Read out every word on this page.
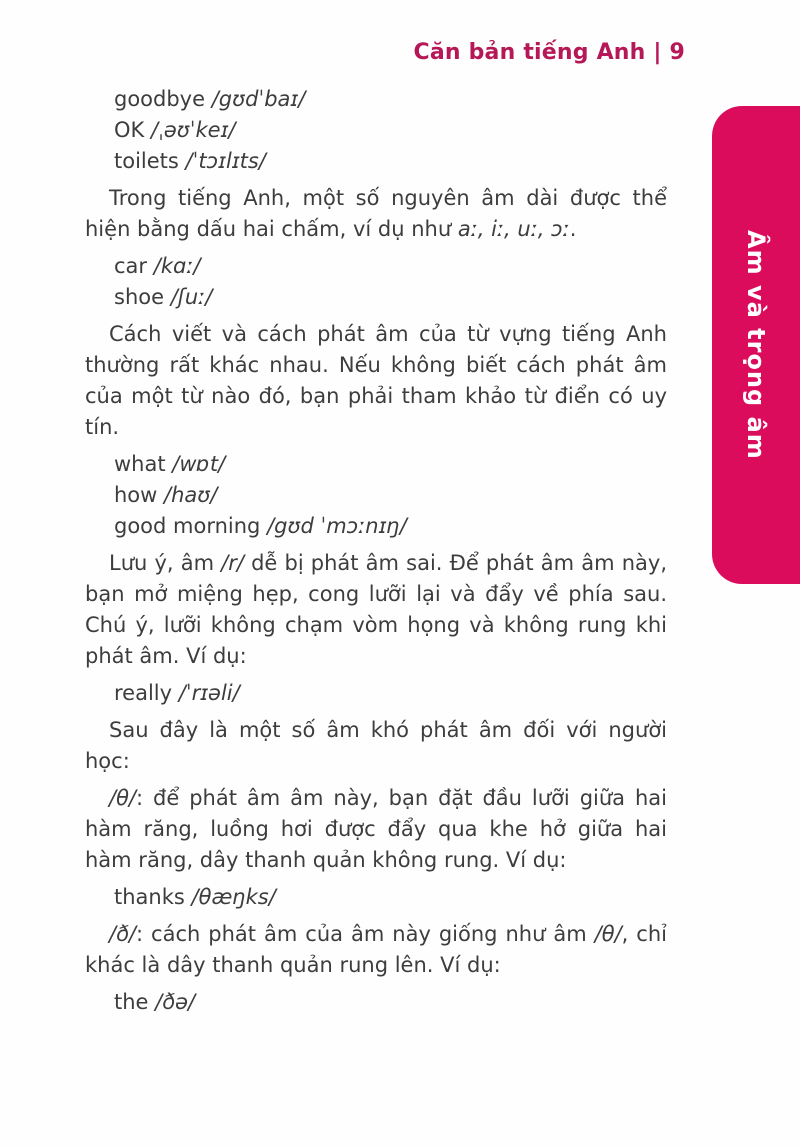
Căn bản tiếng Anh | 9
Âm và trọng âm

goodbye /gʊdˈbaɪ/

OK /ˌəʊˈkeɪ/

toilets /ˈtɔɪlɪts/

Trong tiếng Anh, một số nguyên âm dài được thể hiện bằng dấu hai chấm, ví dụ như aː, iː, uː, ɔː.

car /kɑː/

shoe /ʃuː/

Cách viết và cách phát âm của từ vựng tiếng Anh thường rất khác nhau. Nếu không biết cách phát âm của một từ nào đó, bạn phải tham khảo từ điển có uy tín.

what /wɒt/

how /haʊ/

good morning /gʊd ˈmɔːnɪŋ/

Lưu ý, âm /r/ dễ bị phát âm sai. Để phát âm âm này, bạn mở miệng hẹp, cong lưỡi lại và đẩy về phía sau. Chú ý, lưỡi không chạm vòm họng và không rung khi phát âm. Ví dụ:

really /ˈrɪəli/

Sau đây là một số âm khó phát âm đối với người học:

/θ/: để phát âm âm này, bạn đặt đầu lưỡi giữa hai hàm răng, luồng hơi được đẩy qua khe hở giữa hai hàm răng, dây thanh quản không rung. Ví dụ:

thanks /θæŋks/

/ð/: cách phát âm của âm này giống như âm /θ/, chỉ khác là dây thanh quản rung lên. Ví dụ:

the /ðə/
